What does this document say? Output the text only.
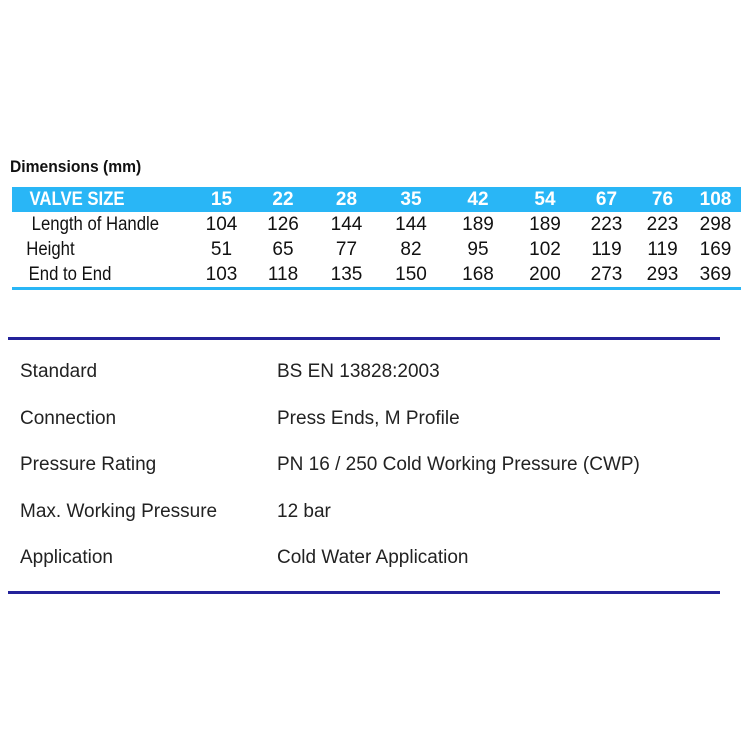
Dimensions (mm)
VALVE SIZE	15	22	28	35	42	54	67	76	108
Length of Handle	104	126	144	144	189	189	223	223	298
Height	51	65	77	82	95	102	119	119	169
End to End	103	118	135	150	168	200	273	293	369
Standard	BS EN 13828:2003
Connection	Press Ends, M Profile
Pressure Rating	PN 16 / 250 Cold Working Pressure (CWP)
Max. Working Pressure	12 bar
Application	Cold Water Application
